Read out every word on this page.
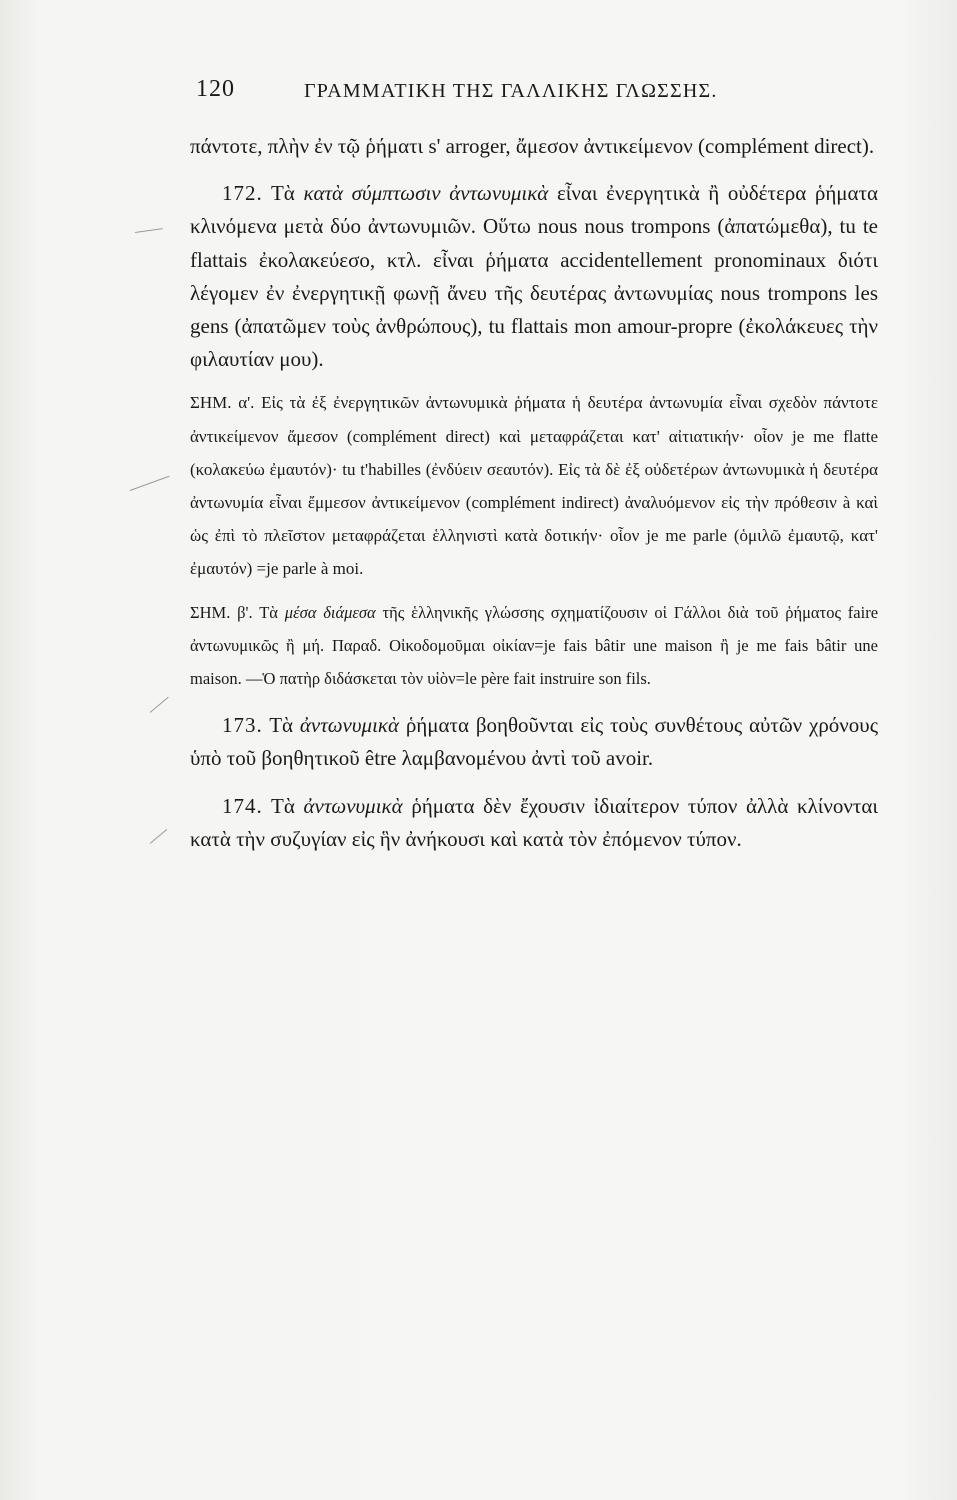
120	ΓΡΑΜΜΑΤΙΚΗ ΤΗΣ ΓΑΛΛΙΚΗΣ ΓΛΩΣΣΗΣ.

πάντοτε, πλὴν ἐν τῷ ῥήματι s' arroger, ἄμεσον ἀντικείμενον (complément direct).

172. Τὰ κατὰ σύμπτωσιν ἀντωνυμικὰ εἶναι ἐνεργητικὰ ἢ οὐδέτερα ῥήματα κλινόμενα μετὰ δύο ἀντωνυμιῶν. Οὕτω nous nous trompons (ἀπατώμεθα), tu te flattais ἐκολακεύεσο, κτλ. εἶναι ῥήματα accidentellement pronominaux διότι λέγομεν ἐν ἐνεργητικῇ φωνῇ ἄνευ τῆς δευτέρας ἀντωνυμίας nous trompons les gens (ἀπατῶμεν τοὺς ἀνθρώπους), tu flattais mon amour-propre (ἐκολάκευες τὴν φιλαυτίαν μου).

ΣΗΜ. α'. Εἰς τὰ ἐξ ἐνεργητικῶν ἀντωνυμικὰ ῥήματα ἡ δευτέρα ἀντωνυμία εἶναι σχεδὸν πάντοτε ἀντικείμενον ἄμεσον (complément direct) καὶ μεταφράζεται κατ' αἰτιατικήν· οἷον je me flatte (κολακεύω ἐμαυτόν)· tu t'habilles (ἐνδύειν σεαυτόν). Εἰς τὰ δὲ ἐξ οὐδετέρων ἀντωνυμικὰ ἡ δευτέρα ἀντωνυμία εἶναι ἔμμεσον ἀντικείμενον (complément indirect) ἀναλυόμενον εἰς τὴν πρόθεσιν à καὶ ὡς ἐπὶ τὸ πλεῖστον μεταφράζεται ἑλληνιστὶ κατὰ δοτικήν· οἷον je me parle (ὁμιλῶ ἐμαυτῷ, κατ' ἐμαυτόν) =je parle à moi.

ΣΗΜ. β'. Τὰ μέσα διάμεσα τῆς ἑλληνικῆς γλώσσης σχηματίζουσιν οἱ Γάλλοι διὰ τοῦ ῥήματος faire ἀντωνυμικῶς ἢ μή. Παραδ. Οἰκοδομοῦμαι οἰκίαν=je fais bâtir une maison ἢ je me fais bâtir une maison. —Ὁ πατὴρ διδάσκεται τὸν υἱὸν=le père fait instruire son fils.

173. Τὰ ἀντωνυμικὰ ῥήματα βοηθοῦνται εἰς τοὺς συνθέτους αὐτῶν χρόνους ὑπὸ τοῦ βοηθητικοῦ être λαμβανομένου ἀντὶ τοῦ avoir.

174. Τὰ ἀντωνυμικὰ ῥήματα δὲν ἔχουσιν ἰδιαίτερον τύπον ἀλλὰ κλίνονται κατὰ τὴν συζυγίαν εἰς ἣν ἀνήκουσι καὶ κατὰ τὸν ἐπόμενον τύπον.
